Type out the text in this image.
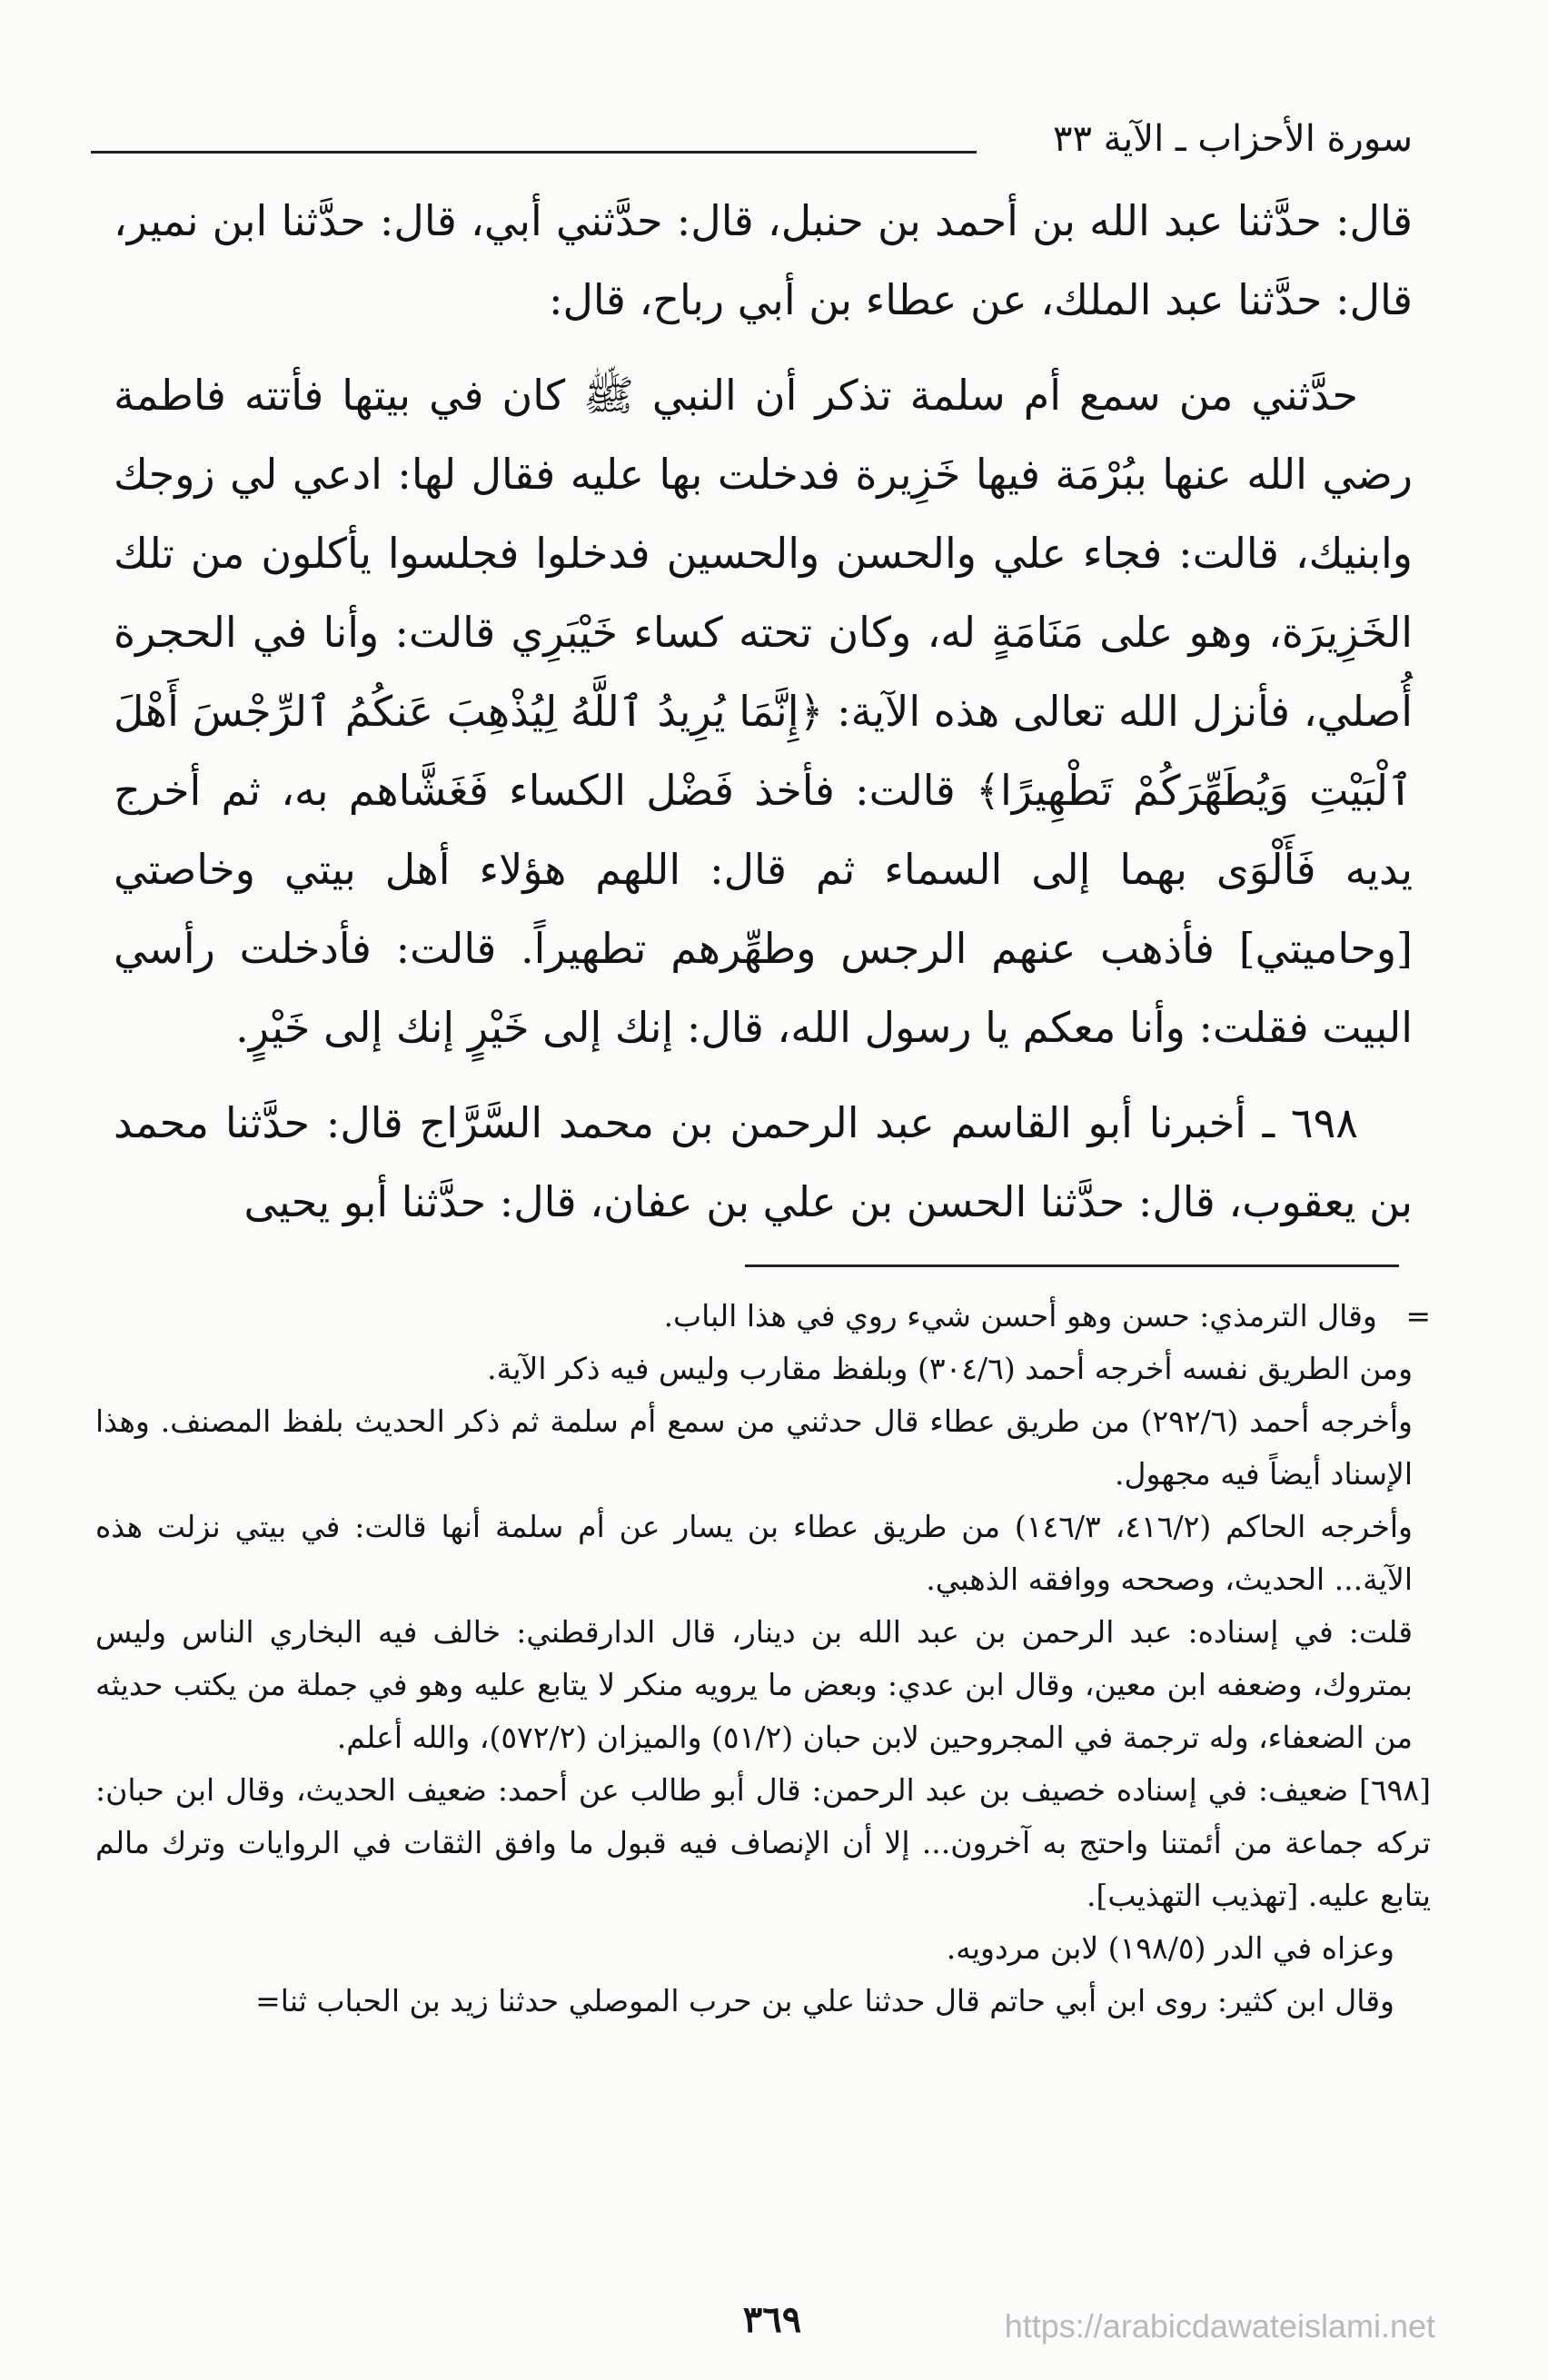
سورة الأحزاب ـ الآية ٣٣

قال: حدَّثنا عبد الله بن أحمد بن حنبل، قال: حدَّثني أبي، قال: حدَّثنا ابن نمير، قال: حدَّثنا عبد الملك، عن عطاء بن أبي رباح، قال:

حدَّثني من سمع أم سلمة تذكر أن النبي ﷺ كان في بيتها فأتته فاطمة رضي الله عنها ببُرْمَة فيها خَزِيرة فدخلت بها عليه فقال لها: ادعي لي زوجك وابنيك، قالت: فجاء علي والحسن والحسين فدخلوا فجلسوا يأكلون من تلك الخَزِيرَة، وهو على مَنَامَةٍ له، وكان تحته كساء خَيْبَرِي قالت: وأنا في الحجرة أُصلي، فأنزل الله تعالى هذه الآية: ﴿إِنَّمَا يُرِيدُ ٱللَّهُ لِيُذْهِبَ عَنكُمُ ٱلرِّجْسَ أَهْلَ ٱلْبَيْتِ وَيُطَهِّرَكُمْ تَطْهِيرًا﴾ قالت: فأخذ فَضْل الكساء فَغَشَّاهم به، ثم أخرج يديه فَأَلْوَى بهما إلى السماء ثم قال: اللهم هؤلاء أهل بيتي وخاصتي [وحاميتي] فأذهب عنهم الرجس وطهِّرهم تطهيراً. قالت: فأدخلت رأسي البيت فقلت: وأنا معكم يا رسول الله، قال: إنك إلى خَيْرٍ إنك إلى خَيْرٍ.

٦٩٨ ـ أخبرنا أبو القاسم عبد الرحمن بن محمد السَّرَّاج قال: حدَّثنا محمد بن يعقوب، قال: حدَّثنا الحسن بن علي بن عفان، قال: حدَّثنا أبو يحيى

=   وقال الترمذي: حسن وهو أحسن شيء روي في هذا الباب.

ومن الطريق نفسه أخرجه أحمد (٣٠٤/٦) وبلفظ مقارب وليس فيه ذكر الآية.

وأخرجه أحمد (٢٩٢/٦) من طريق عطاء قال حدثني من سمع أم سلمة ثم ذكر الحديث بلفظ المصنف. وهذا الإسناد أيضاً فيه مجهول.

وأخرجه الحاكم (٤١٦/٢، ١٤٦/٣) من طريق عطاء بن يسار عن أم سلمة أنها قالت: في بيتي نزلت هذه الآية... الحديث، وصححه ووافقه الذهبي.

قلت: في إسناده: عبد الرحمن بن عبد الله بن دينار، قال الدارقطني: خالف فيه البخاري الناس وليس بمتروك، وضعفه ابن معين، وقال ابن عدي: وبعض ما يرويه منكر لا يتابع عليه وهو في جملة من يكتب حديثه من الضعفاء، وله ترجمة في المجروحين لابن حبان (٥١/٢) والميزان (٥٧٢/٢)، والله أعلم.

[٦٩٨] ضعيف: في إسناده خصيف بن عبد الرحمن: قال أبو طالب عن أحمد: ضعيف الحديث، وقال ابن حبان: تركه جماعة من أئمتنا واحتج به آخرون... إلا أن الإنصاف فيه قبول ما وافق الثقات في الروايات وترك مالم يتابع عليه. [تهذيب التهذيب].

وعزاه في الدر (١٩٨/٥) لابن مردويه.

وقال ابن كثير: روى ابن أبي حاتم قال حدثنا علي بن حرب الموصلي حدثنا زيد بن الحباب ثنا=

٣٦٩	https://arabicdawateislami.net
